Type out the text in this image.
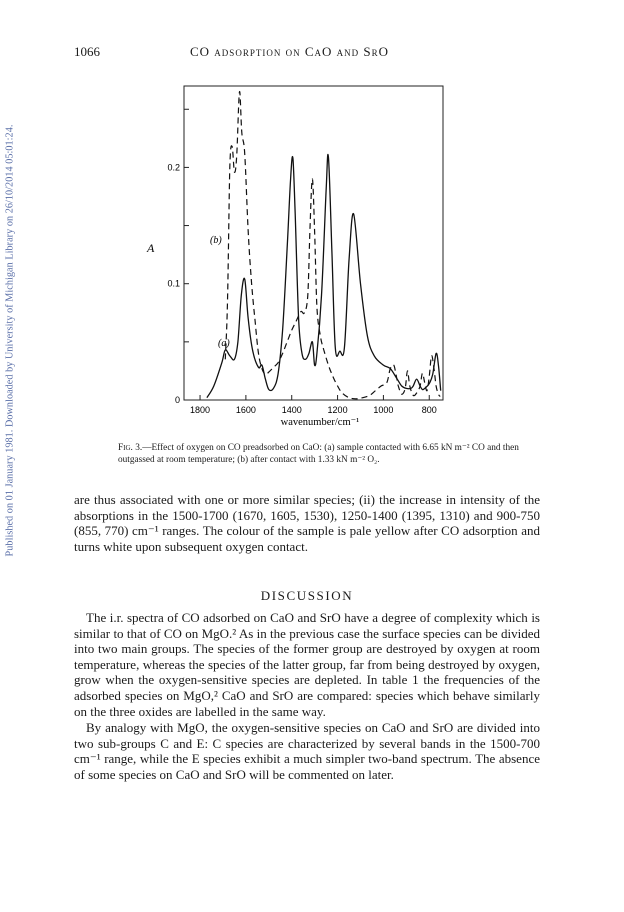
Published on 01 January 1981. Downloaded by University of Michigan Library on 26/10/2014 05:01:24.
1066	CO adsorption on CaO and SrO
1800	1600	1400	1200	1000	800
0
0.1
0.2
(a)
(b)
A
wavenumber/cm⁻¹
Fig. 3.—Effect of oxygen on CO preadsorbed on CaO: (a) sample contacted with 6.65 kN m⁻² CO and then outgassed at room temperature; (b) after contact with 1.33 kN m⁻² O₂.

are thus associated with one or more similar species; (ii) the increase in intensity of the absorptions in the 1500-1700 (1670, 1605, 1530), 1250-1400 (1395, 1310) and 900-750 (855, 770) cm⁻¹ ranges. The colour of the sample is pale yellow after CO adsorption and turns white upon subsequent oxygen contact.

DISCUSSION

The i.r. spectra of CO adsorbed on CaO and SrO have a degree of complexity which is similar to that of CO on MgO.² As in the previous case the surface species can be divided into two main groups. The species of the former group are destroyed by oxygen at room temperature, whereas the species of the latter group, far from being destroyed by oxygen, grow when the oxygen-sensitive species are depleted. In table 1 the frequencies of the adsorbed species on MgO,² CaO and SrO are compared: species which behave similarly on the three oxides are labelled in the same way.

By analogy with MgO, the oxygen-sensitive species on CaO and SrO are divided into two sub-groups C and E: C species are characterized by several bands in the 1500-700 cm⁻¹ range, while the E species exhibit a much simpler two-band spectrum. The absence of some species on CaO and SrO will be commented on later.
